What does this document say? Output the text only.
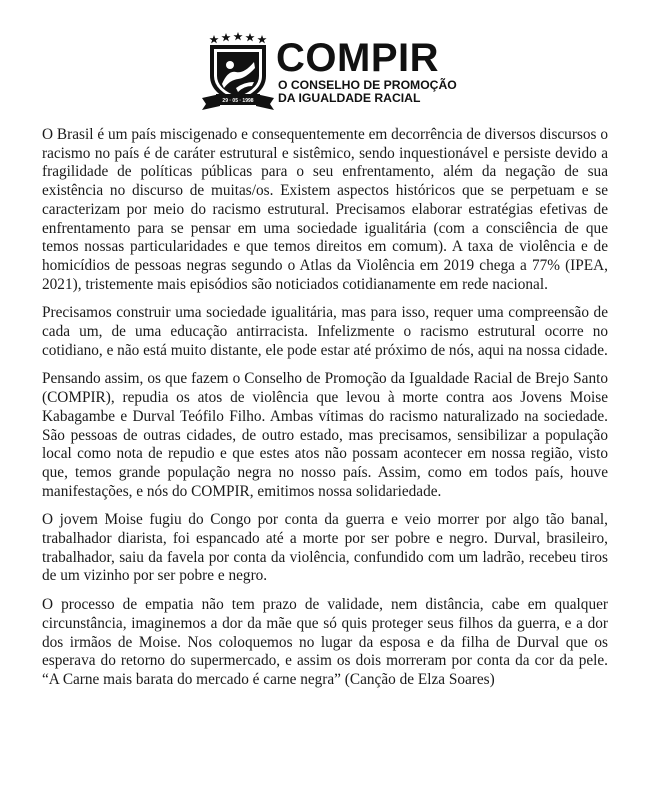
29 · 05 · 1998

COMPIR

O CONSELHO DE PROMOÇÃO

DA IGUALDADE RACIAL

O Brasil é um país miscigenado e consequentemente em decorrência de diversos discursos o racismo no país é de caráter estrutural e sistêmico, sendo inquestionável e persiste devido a fragilidade de políticas públicas para o seu enfrentamento, além da negação de sua existência no discurso de muitas/os. Existem aspectos históricos que se perpetuam e se caracterizam por meio do racismo estrutural. Precisamos elaborar estratégias efetivas de enfrentamento para se pensar em uma sociedade igualitária (com a consciência de que temos nossas particularidades e que temos direitos em comum). A taxa de violência e de homicídios de pessoas negras segundo o Atlas da Violência em 2019 chega a 77% (IPEA, 2021), tristemente mais episódios são noticiados cotidianamente em rede nacional.

Precisamos construir uma sociedade igualitária, mas para isso, requer uma compreensão de cada um, de uma educação antirracista. Infelizmente o racismo estrutural ocorre no cotidiano, e não está muito distante, ele pode estar até próximo de nós, aqui na nossa cidade.

Pensando assim, os que fazem o Conselho de Promoção da Igualdade Racial de Brejo Santo (COMPIR), repudia os atos de violência que levou à morte contra aos Jovens Moise Kabagambe e Durval Teófilo Filho. Ambas vítimas do racismo naturalizado na sociedade. São pessoas de outras cidades, de outro estado, mas precisamos, sensibilizar a população local como nota de repudio e que estes atos não possam acontecer em nossa região, visto que, temos grande população negra no nosso país. Assim, como em todos país, houve manifestações, e nós do COMPIR, emitimos nossa solidariedade.

O jovem Moise fugiu do Congo por conta da guerra e veio morrer por algo tão banal, trabalhador diarista, foi espancado até a morte por ser pobre e negro. Durval, brasileiro, trabalhador, saiu da favela por conta da violência, confundido com um ladrão, recebeu tiros de um vizinho por ser pobre e negro.

O processo de empatia não tem prazo de validade, nem distância, cabe em qualquer circunstância, imaginemos a dor da mãe que só quis proteger seus filhos da guerra, e a dor dos irmãos de Moise. Nos coloquemos no lugar da esposa e da filha de Durval que os esperava do retorno do supermercado, e assim os dois morreram por conta da cor da pele. “A Carne mais barata do mercado é carne negra” (Canção de Elza Soares)
